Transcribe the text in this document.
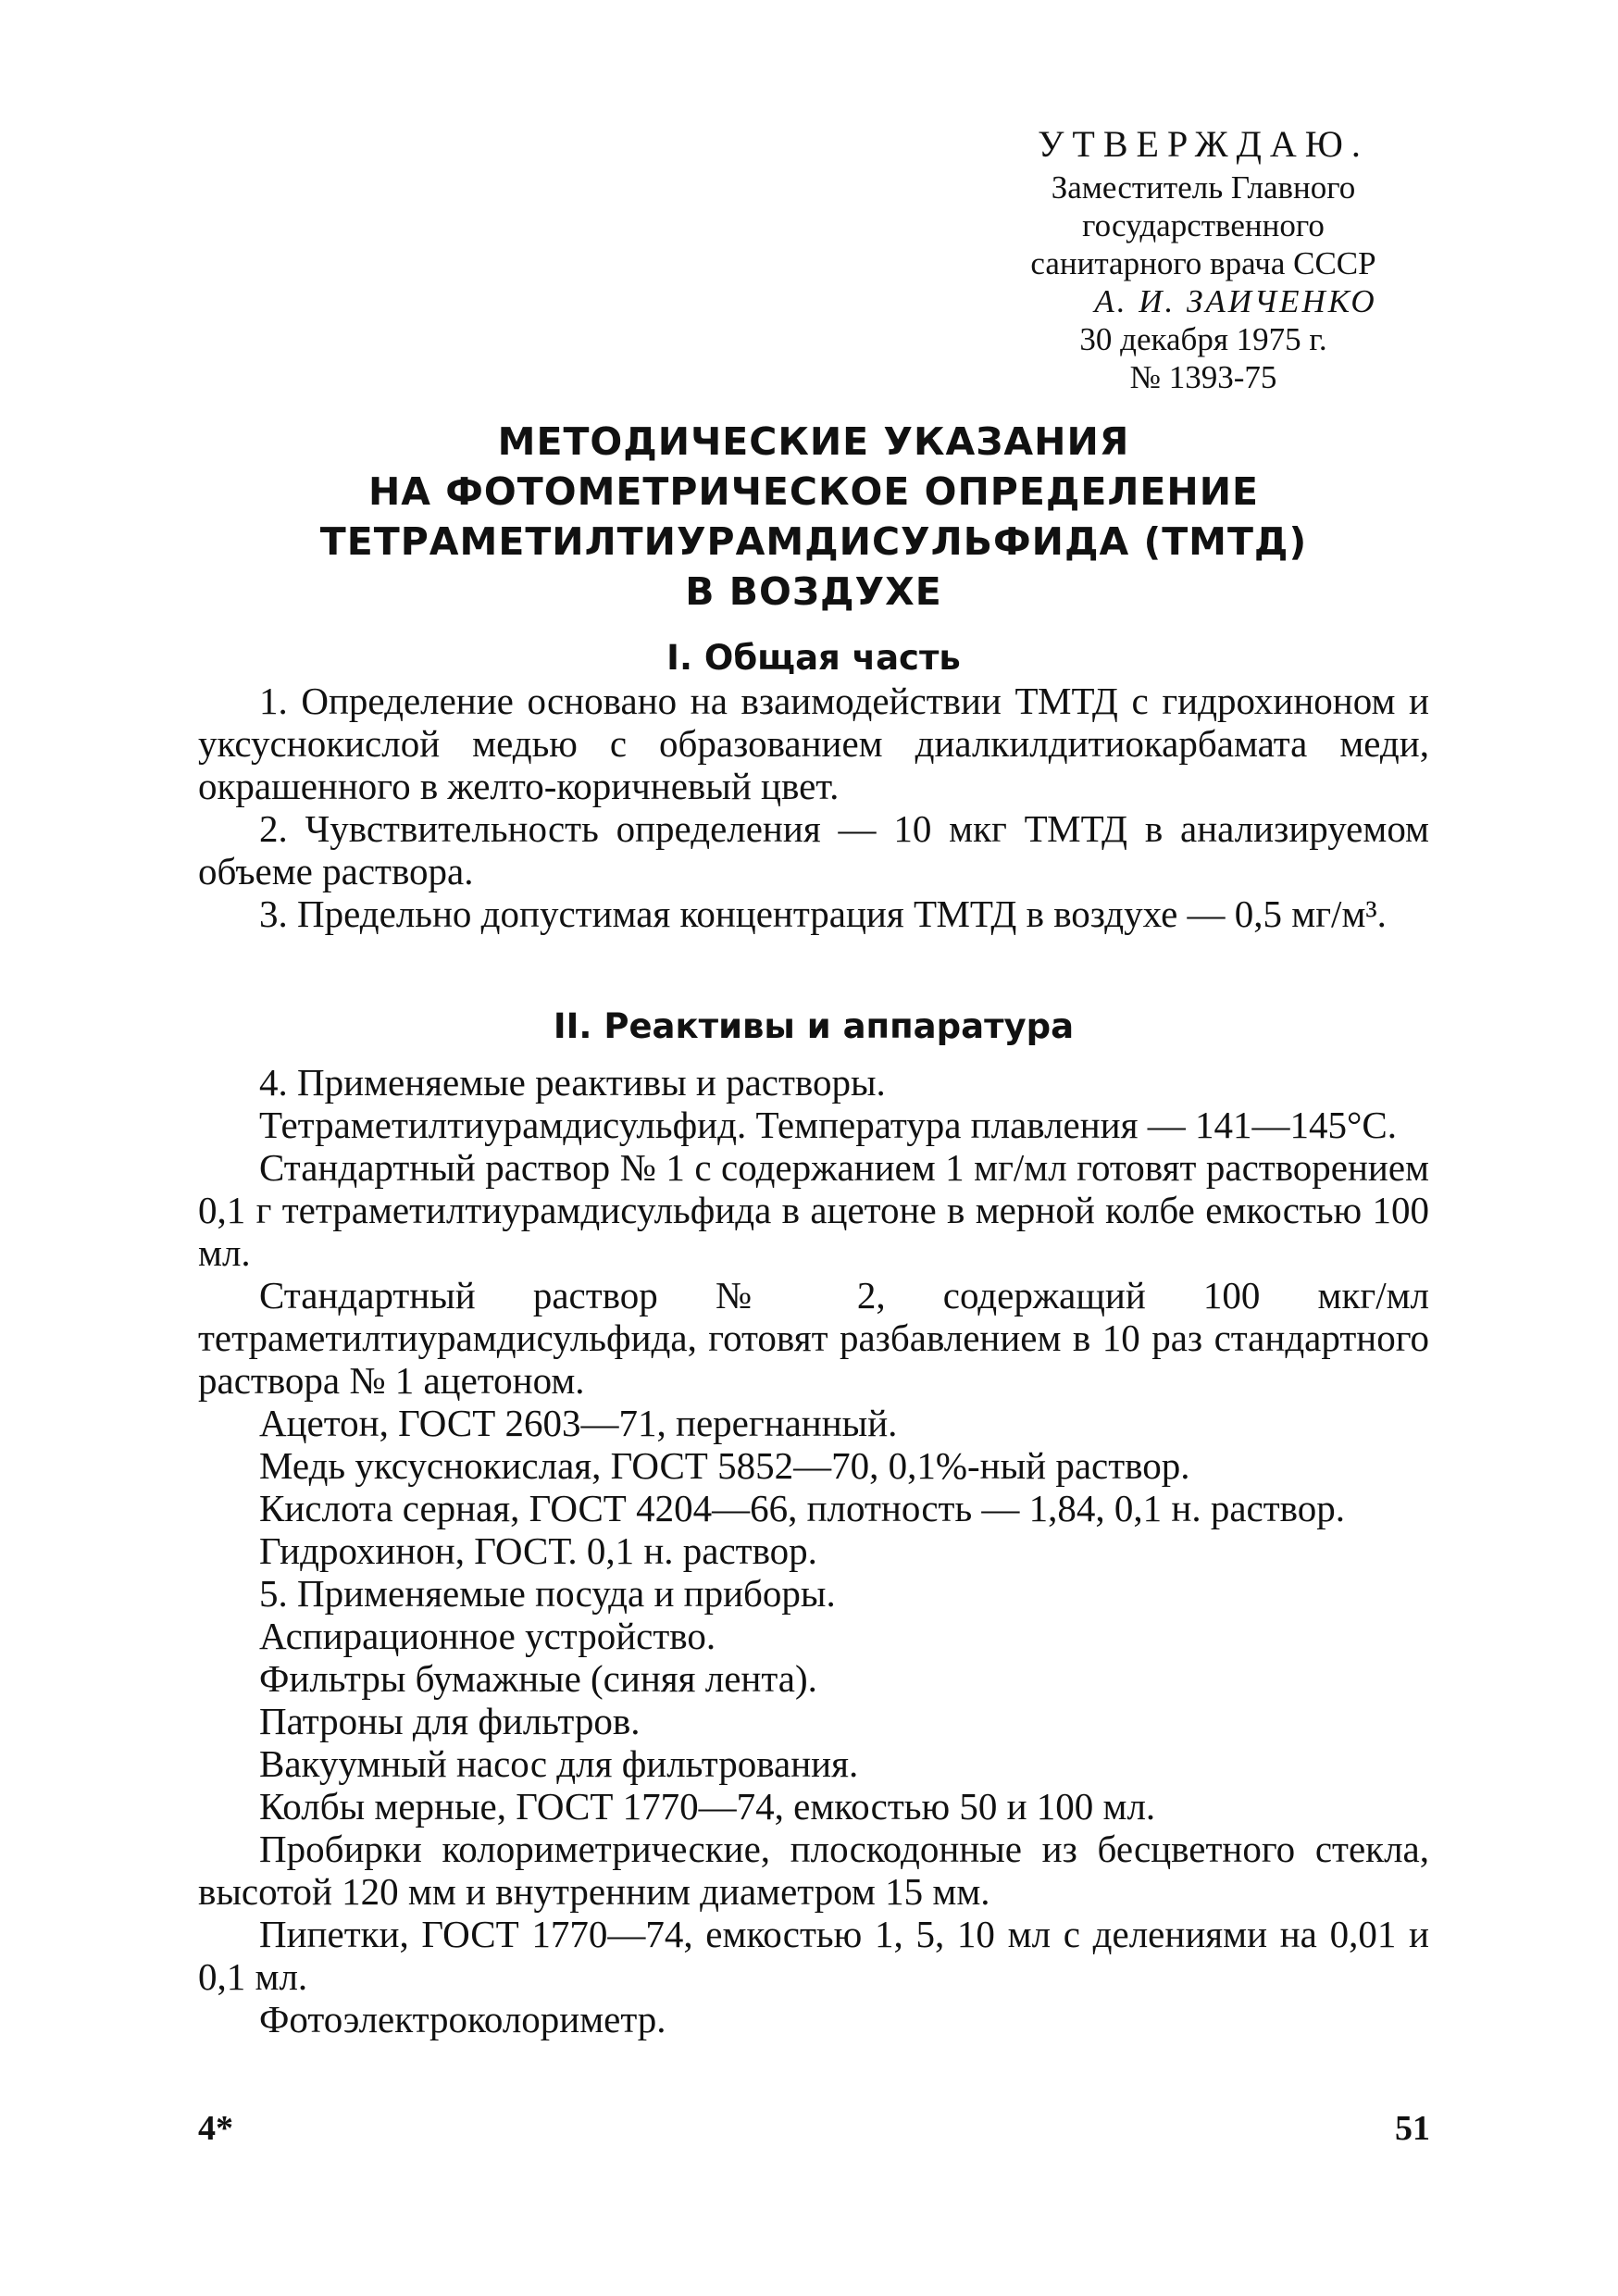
УТВЕРЖДАЮ.
Заместитель Главного
государственного
санитарного врача СССР
А. И. ЗАИЧЕНКО
30 декабря 1975 г.
№ 1393-75
МЕТОДИЧЕСКИЕ УКАЗАНИЯ
НА ФОТОМЕТРИЧЕСКОЕ ОПРЕДЕЛЕНИЕ
ТЕТРАМЕТИЛТИУРАМДИСУЛЬФИДА (ТМТД)
В ВОЗДУХЕ
I. Общая часть

1. Определение основано на взаимодействии ТМТД с гидрохиноном и уксуснокислой медью с образованием диалкилдитиокарбамата меди, окрашенного в желто-коричневый цвет.

2. Чувствительность определения — 10 мкг ТМТД в анализируемом объеме раствора.

3. Предельно допустимая концентрация ТМТД в воздухе — 0,5 мг/м³.

II. Реактивы и аппаратура

4. Применяемые реактивы и растворы.

Тетраметилтиурамдисульфид. Температура плавления — 141—145°С.

Стандартный раствор № 1 с содержанием 1 мг/мл готовят растворением 0,1 г тетраметилтиурамдисульфида в ацетоне в мерной колбе емкостью 100 мл.

Стандартный раствор № 2, содержащий 100 мкг/мл тетраметилтиурамдисульфида, готовят разбавлением в 10 раз стандартного раствора № 1 ацетоном.

Ацетон, ГОСТ 2603—71, перегнанный.

Медь уксуснокислая, ГОСТ 5852—70, 0,1%-ный раствор.

Кислота серная, ГОСТ 4204—66, плотность — 1,84, 0,1 н. раствор.

Гидрохинон, ГОСТ. 0,1 н. раствор.

5. Применяемые посуда и приборы.

Аспирационное устройство.

Фильтры бумажные (синяя лента).

Патроны для фильтров.

Вакуумный насос для фильтрования.

Колбы мерные, ГОСТ 1770—74, емкостью 50 и 100 мл.

Пробирки колориметрические, плоскодонные из бесцветного стекла, высотой 120 мм и внутренним диаметром 15 мм.

Пипетки, ГОСТ 1770—74, емкостью 1, 5, 10 мл с делениями на 0,01 и 0,1 мл.

Фотоэлектроколориметр.

4*	51
